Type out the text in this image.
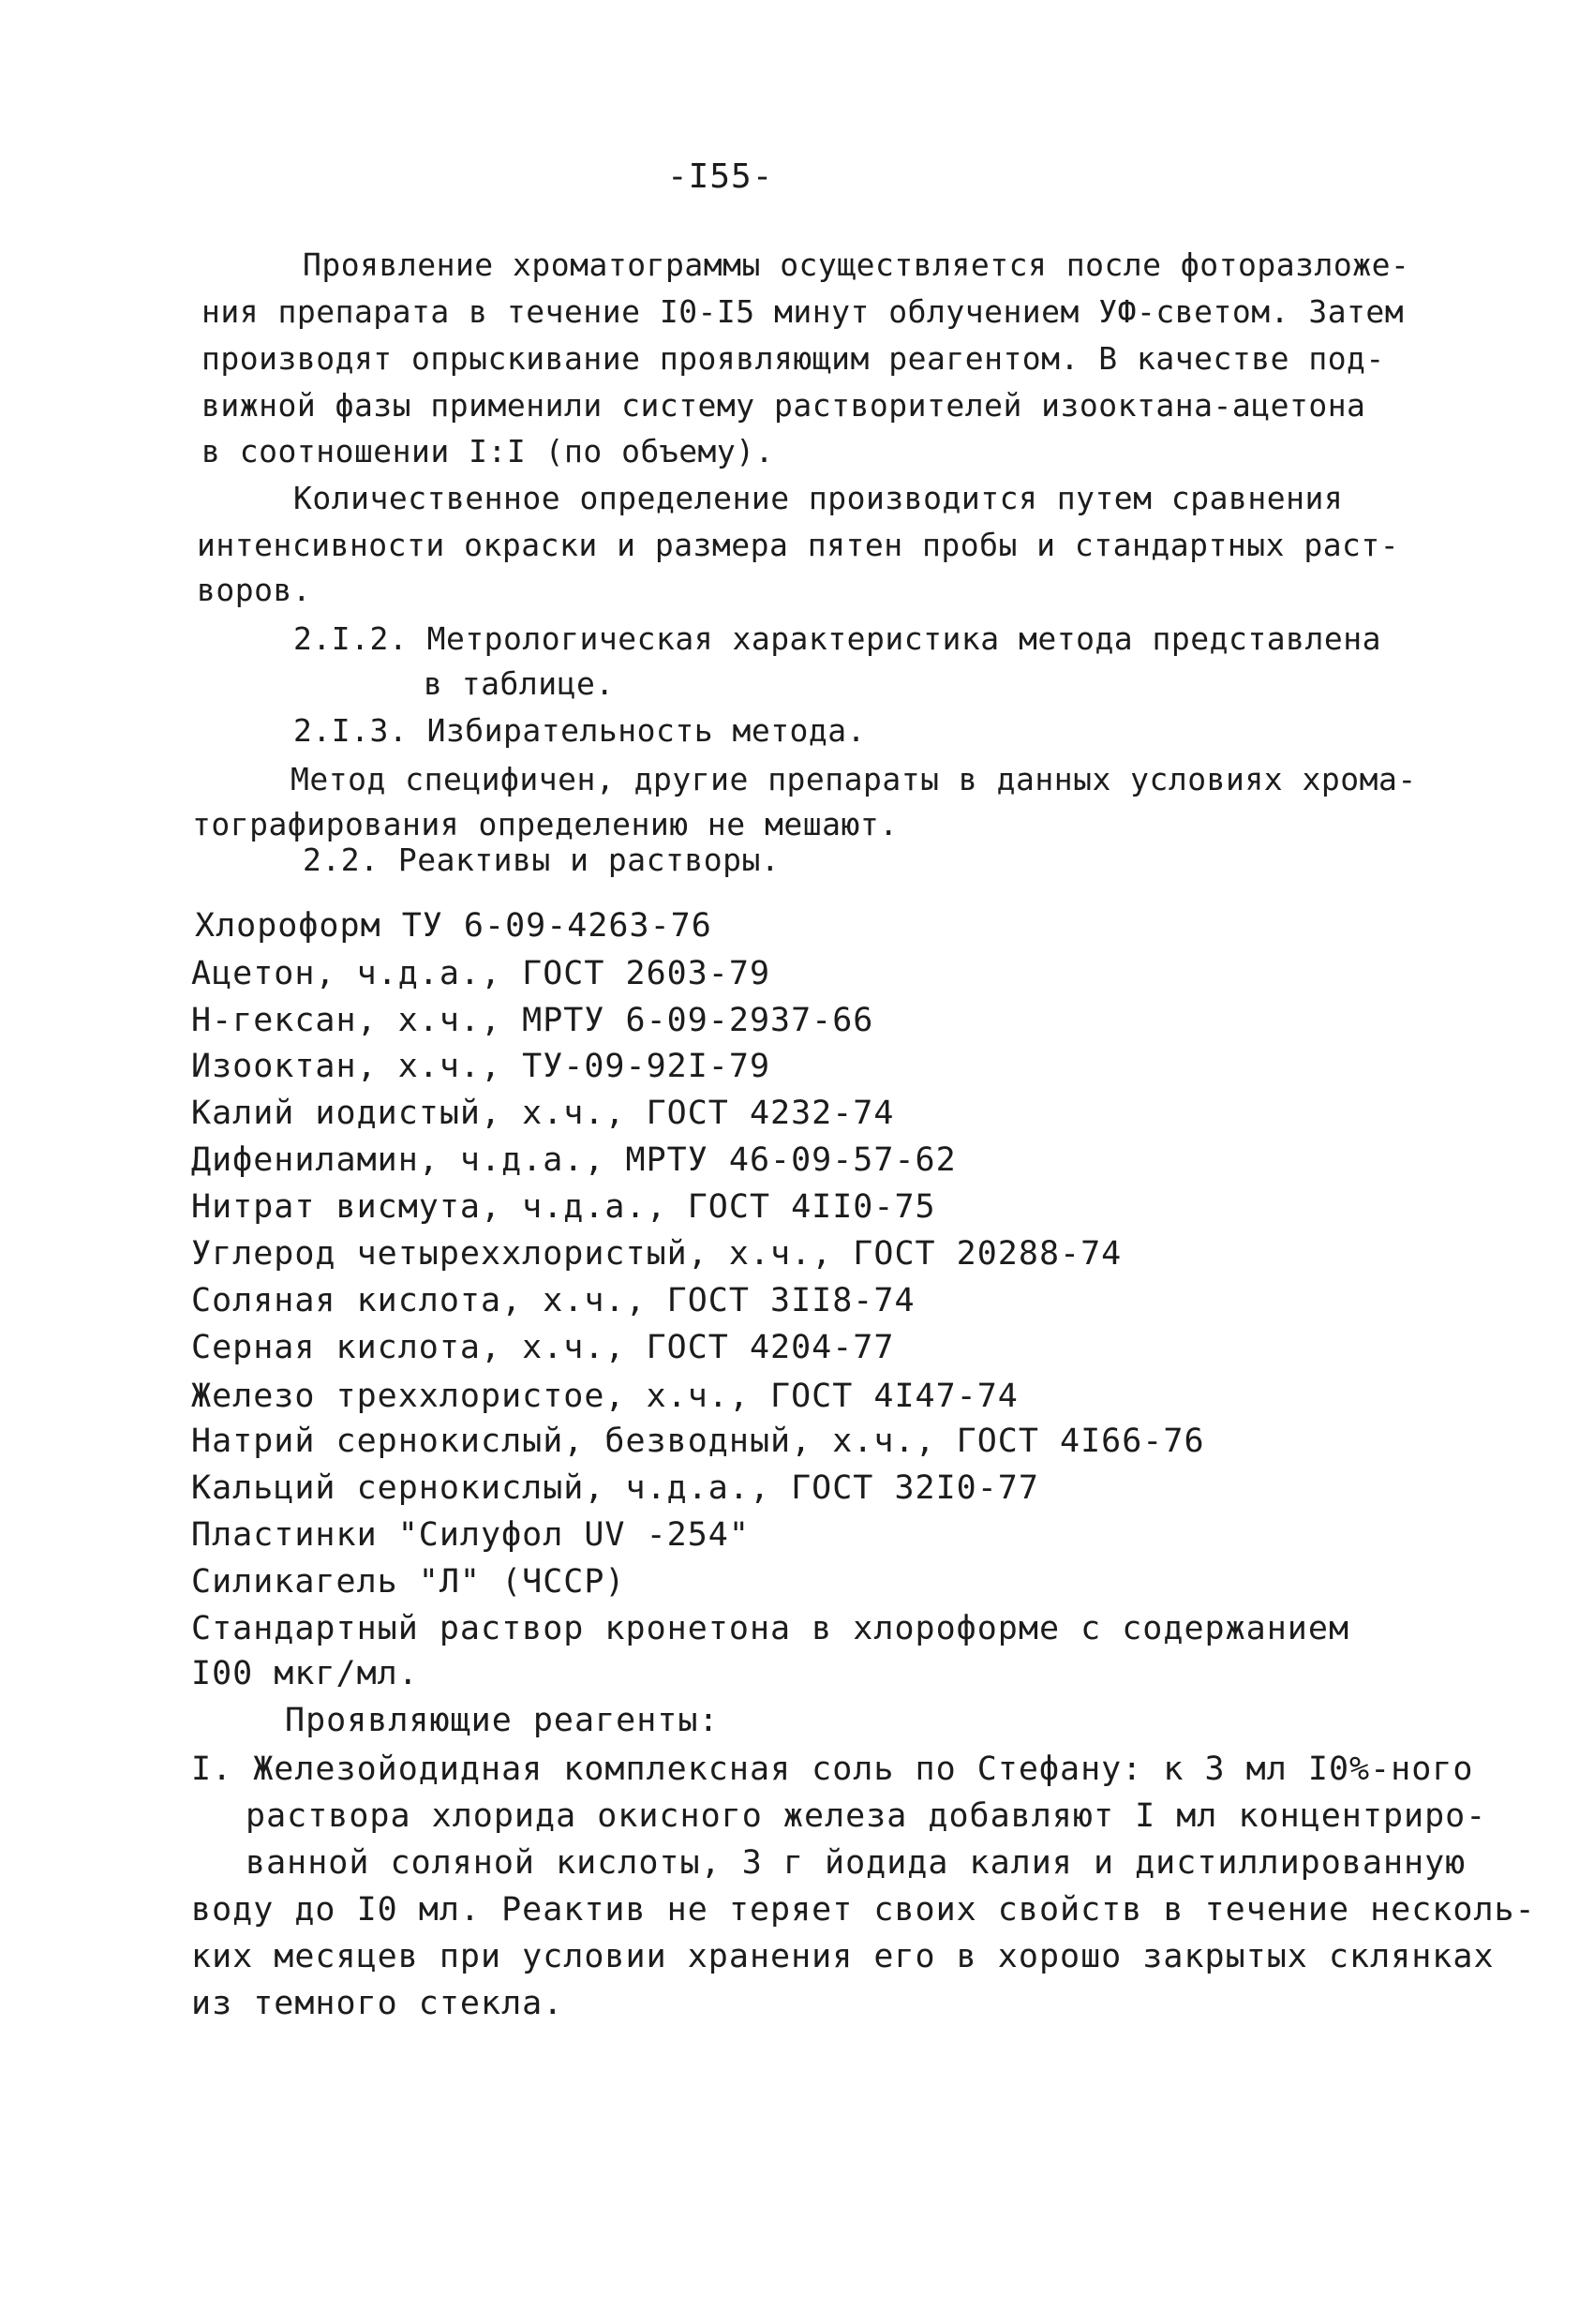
-I55-
Проявление хроматограммы осуществляется после фоторазложе-
ния препарата в течение I0-I5 минут облучением УФ-светом. Затем
производят опрыскивание проявляющим реагентом. В качестве под-
вижной фазы применили систему растворителей изооктана-ацетона
в соотношении I:I (по объему).
Количественное определение производится путем сравнения
интенсивности окраски и размера пятен пробы и стандартных раст-
воров.
2.I.2. Метрологическая характеристика метода представлена
в таблице.
2.I.3. Избирательность метода.
Метод специфичен, другие препараты в данных условиях хрома-
тографирования определению не мешают.
2.2. Реактивы и растворы.
Хлороформ ТУ 6-09-4263-76
Ацетон, ч.д.а., ГОСТ 2603-79
Н-гексан, х.ч., МРТУ 6-09-2937-66
Изооктан, х.ч., ТУ-09-92I-79
Калий иодистый, х.ч., ГОСТ 4232-74
Дифениламин, ч.д.а., МРТУ 46-09-57-62
Нитрат висмута, ч.д.а., ГОСТ 4II0-75
Углерод четыреххлористый, х.ч., ГОСТ 20288-74
Соляная кислота, х.ч., ГОСТ 3II8-74
Серная кислота, х.ч., ГОСТ 4204-77
Железо треххлористое, х.ч., ГОСТ 4I47-74
Натрий сернокислый, безводный, х.ч., ГОСТ 4I66-76
Кальций сернокислый, ч.д.а., ГОСТ 32I0-77
Пластинки "Силуфол UV -254"
Силикагель "Л" (ЧССР)
Стандартный раствор кронетона в хлороформе с содержанием
I00 мкг/мл.
Проявляющие реагенты:
I. Железойодидная комплексная соль по Стефану: к 3 мл I0%-ного
раствора хлорида окисного железа добавляют I мл концентриро-
ванной соляной кислоты, 3 г йодида калия и дистиллированную
воду до I0 мл. Реактив не теряет своих свойств в течение несколь-
ких месяцев при условии хранения его в хорошо закрытых склянках
из темного стекла.
